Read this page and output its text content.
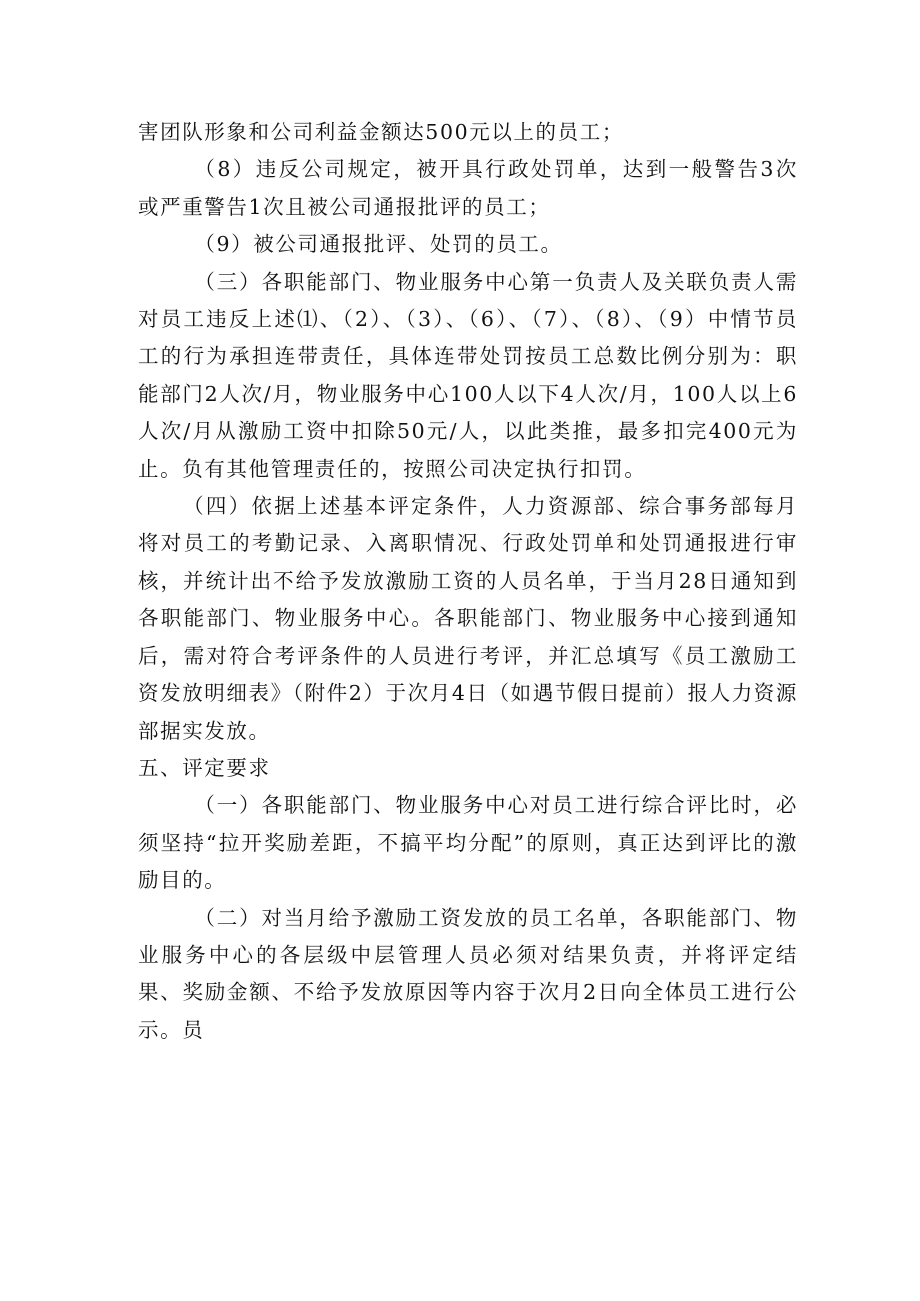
害团队形象和公司利益金额达500元以上的员工；

（8）违反公司规定，被开具行政处罚单，达到一般警告3次或严重警告1次且被公司通报批评的员工；

（9）被公司通报批评、处罚的员工。

（三）各职能部门、物业服务中心第一负责人及关联负责人需对员工违反上述⑴、（2）、（3）、（6）、（7）、（8）、（9）中情节员工的行为承担连带责任，具体连带处罚按员工总数比例分别为：职能部门2人次/月，物业服务中心100人以下4人次/月，100人以上6人次/月从激励工资中扣除50元/人，以此类推，最多扣完400元为止。负有其他管理责任的，按照公司决定执行扣罚。

（四）依据上述基本评定条件，人力资源部、综合事务部每月将对员工的考勤记录、入离职情况、行政处罚单和处罚通报进行审核，并统计出不给予发放激励工资的人员名单，于当月28日通知到各职能部门、物业服务中心。各职能部门、物业服务中心接到通知后，需对符合考评条件的人员进行考评，并汇总填写《员工激励工资发放明细表》（附件2）于次月4日（如遇节假日提前）报人力资源部据实发放。

五、评定要求

（一）各职能部门、物业服务中心对员工进行综合评比时，必须坚持“拉开奖励差距，不搞平均分配”的原则，真正达到评比的激励目的。

（二）对当月给予激励工资发放的员工名单，各职能部门、物业服务中心的各层级中层管理人员必须对结果负责，并将评定结果、奖励金额、不给予发放原因等内容于次月2日向全体员工进行公示。员
